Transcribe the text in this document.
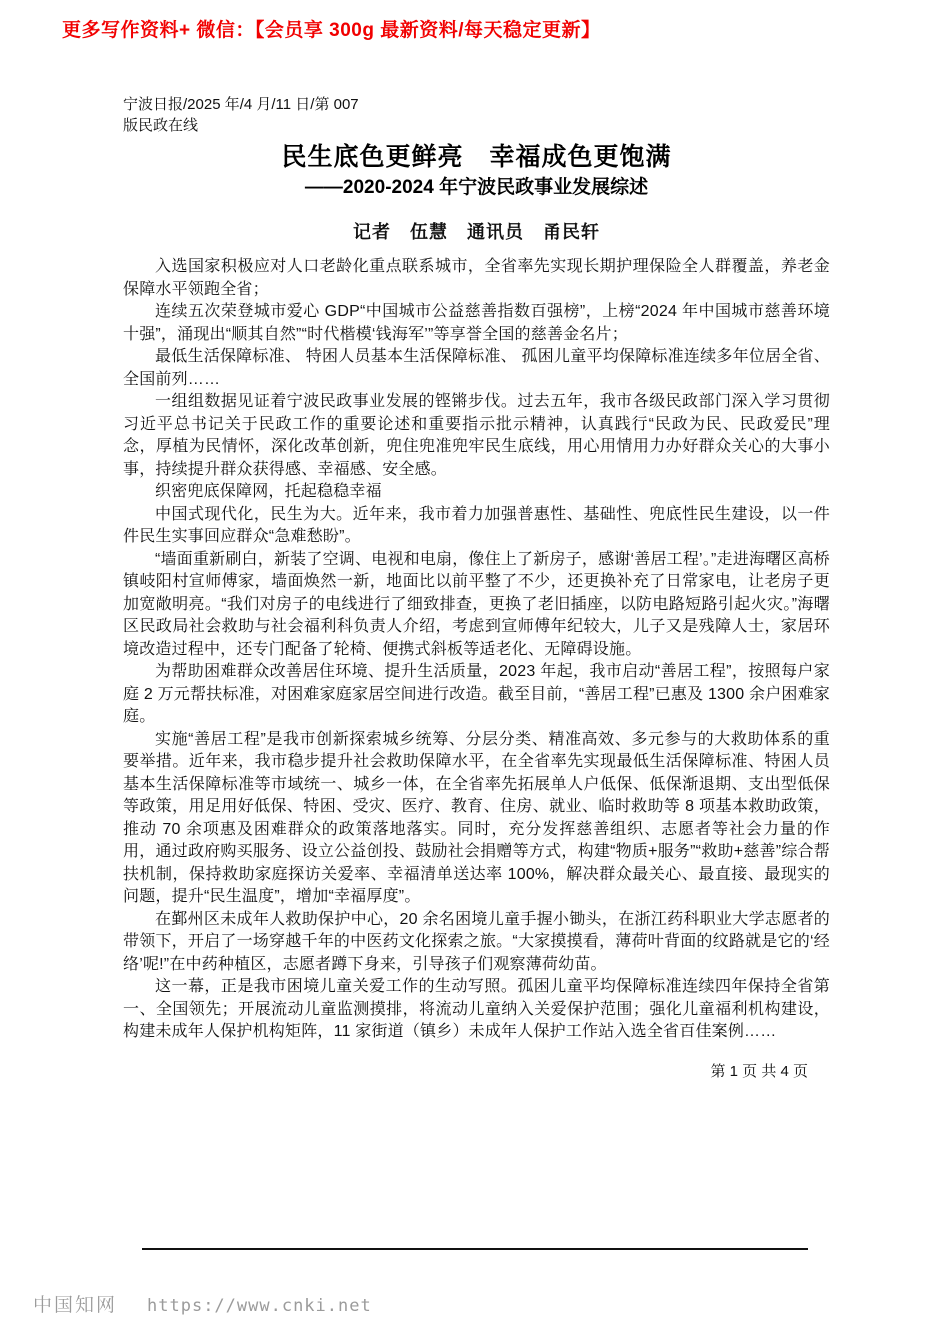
更多写作资料+ 微信：【会员享 300g 最新资料/每天稳定更新】
宁波日报/2025 年/4 月/11 日/第 007
版民政在线
民生底色更鲜亮　幸福成色更饱满
——2020-2024 年宁波民政事业发展综述
记者　伍慧　通讯员　甬民轩

入选国家积极应对人口老龄化重点联系城市，全省率先实现长期护理保险全人群覆盖，养老金保障水平领跑全省；

连续五次荣登城市爱心 GDP“中国城市公益慈善指数百强榜”，上榜“2024 年中国城市慈善环境十强”，涌现出“顺其自然”“时代楷模‘钱海军’”等享誉全国的慈善金名片；

最低生活保障标准、 特困人员基本生活保障标准、 孤困儿童平均保障标准连续多年位居全省、全国前列……

一组组数据见证着宁波民政事业发展的铿锵步伐。过去五年，我市各级民政部门深入学习贯彻习近平总书记关于民政工作的重要论述和重要指示批示精神，认真践行“民政为民、民政爱民”理念，厚植为民情怀，深化改革创新，兜住兜准兜牢民生底线，用心用情用力办好群众关心的大事小事，持续提升群众获得感、幸福感、安全感。

织密兜底保障网，托起稳稳幸福

中国式现代化，民生为大。近年来，我市着力加强普惠性、基础性、兜底性民生建设，以一件件民生实事回应群众“急难愁盼”。

“墙面重新刷白，新装了空调、电视和电扇，像住上了新房子，感谢‘善居工程’。”走进海曙区高桥镇岐阳村宣师傅家，墙面焕然一新，地面比以前平整了不少，还更换补充了日常家电，让老房子更加宽敞明亮。“我们对房子的电线进行了细致排查，更换了老旧插座，以防电路短路引起火灾。”海曙区民政局社会救助与社会福利科负责人介绍，考虑到宣师傅年纪较大，儿子又是残障人士，家居环境改造过程中，还专门配备了轮椅、便携式斜板等适老化、无障碍设施。

为帮助困难群众改善居住环境、提升生活质量，2023 年起，我市启动“善居工程”，按照每户家庭 2 万元帮扶标准，对困难家庭家居空间进行改造。截至目前，“善居工程”已惠及 1300 余户困难家庭。

实施“善居工程”是我市创新探索城乡统筹、分层分类、精准高效、多元参与的大救助体系的重要举措。近年来，我市稳步提升社会救助保障水平，在全省率先实现最低生活保障标准、特困人员基本生活保障标准等市域统一、城乡一体，在全省率先拓展单人户低保、低保渐退期、支出型低保等政策，用足用好低保、特困、受灾、医疗、教育、住房、就业、临时救助等 8 项基本救助政策，推动 70 余项惠及困难群众的政策落地落实。同时，充分发挥慈善组织、志愿者等社会力量的作用，通过政府购买服务、设立公益创投、鼓励社会捐赠等方式，构建“物质+服务”“救助+慈善”综合帮扶机制，保持救助家庭探访关爱率、幸福清单送达率 100%，解决群众最关心、最直接、最现实的问题，提升“民生温度”，增加“幸福厚度”。

在鄞州区未成年人救助保护中心，20 余名困境儿童手握小锄头，在浙江药科职业大学志愿者的带领下，开启了一场穿越千年的中医药文化探索之旅。“大家摸摸看，薄荷叶背面的纹路就是它的‘经络’呢!”在中药种植区，志愿者蹲下身来，引导孩子们观察薄荷幼苗。

这一幕，正是我市困境儿童关爱工作的生动写照。孤困儿童平均保障标准连续四年保持全省第一、全国领先；开展流动儿童监测摸排，将流动儿童纳入关爱保护范围；强化儿童福利机构建设，构建未成年人保护机构矩阵，11 家街道（镇乡）未成年人保护工作站入选全省百佳案例……

第 1 页 共 4 页
中国知网 https://www.cnki.net
